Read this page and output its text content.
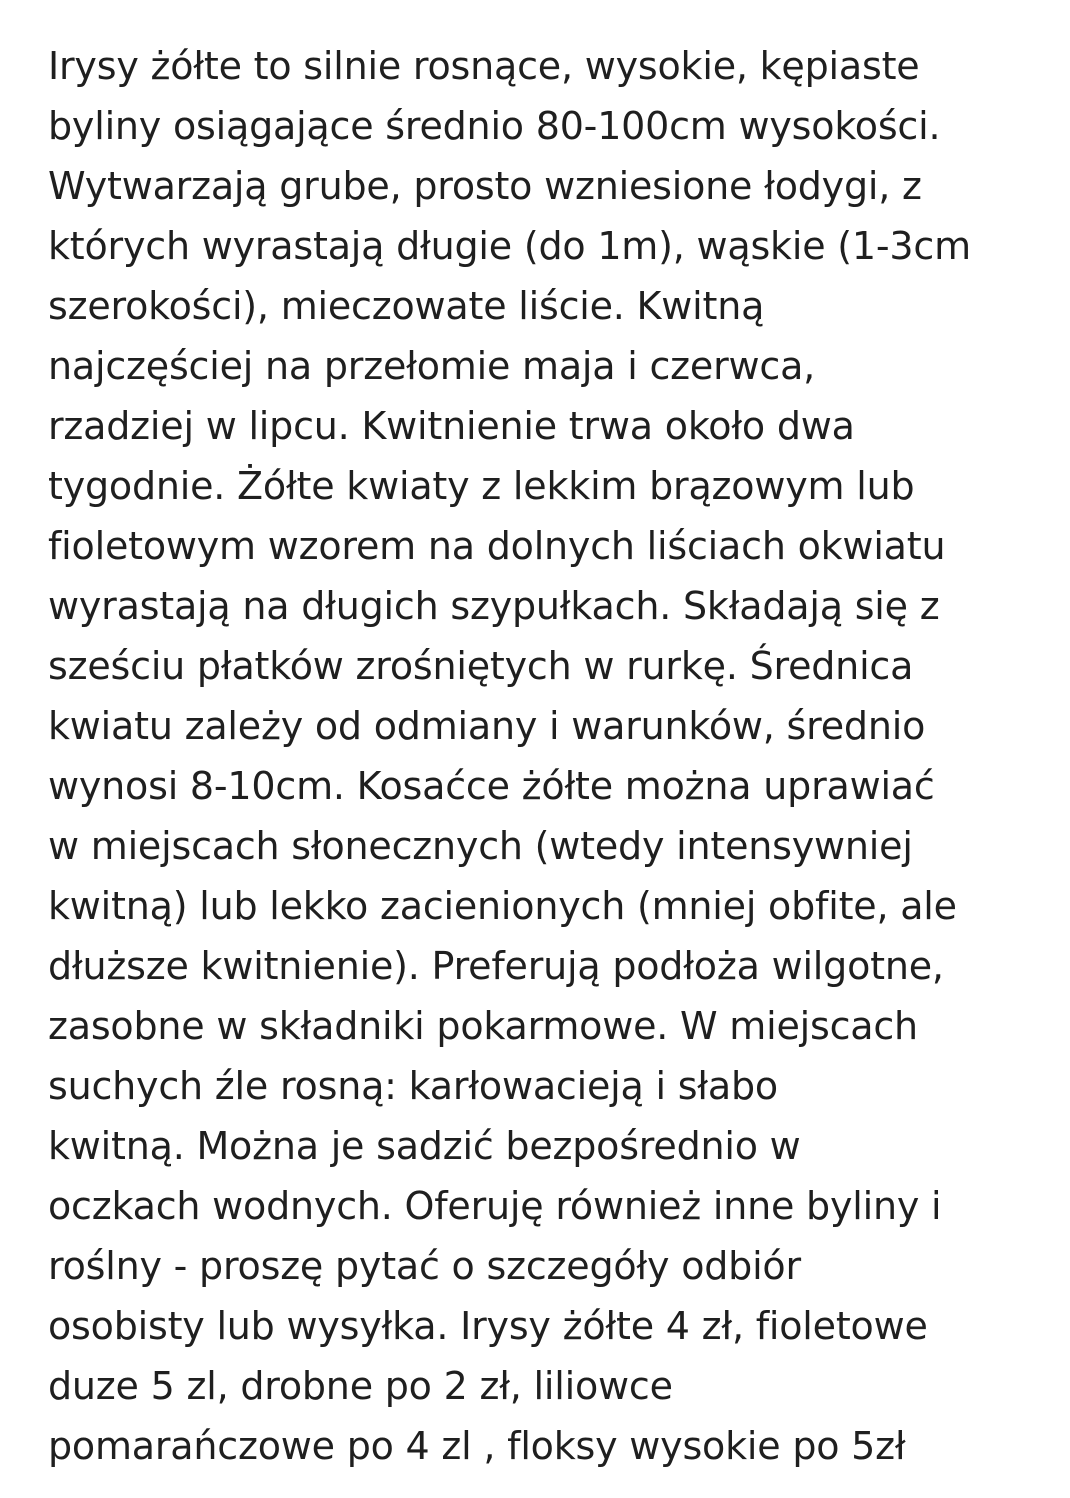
Irysy żółte to silnie rosnące, wysokie, kępiaste
byliny osiągające średnio 80-100cm wysokości.
Wytwarzają grube, prosto wzniesione łodygi, z
których wyrastają długie (do 1m), wąskie (1-3cm
szerokości), mieczowate liście. Kwitną
najczęściej na przełomie maja i czerwca,
rzadziej w lipcu. Kwitnienie trwa około dwa
tygodnie. Żółte kwiaty z lekkim brązowym lub
fioletowym wzorem na dolnych liściach okwiatu
wyrastają na długich szypułkach. Składają się z
sześciu płatków zrośniętych w rurkę. Średnica
kwiatu zależy od odmiany i warunków, średnio
wynosi 8-10cm. Kosaćce żółte można uprawiać
w miejscach słonecznych (wtedy intensywniej
kwitną) lub lekko zacienionych (mniej obfite, ale
dłuższe kwitnienie). Preferują podłoża wilgotne,
zasobne w składniki pokarmowe. W miejscach
suchych źle rosną: karłowacieją i słabo
kwitną. Można je sadzić bezpośrednio w
oczkach wodnych. Oferuję również inne byliny i
roślny - proszę pytać o szczegóły odbiór
osobisty lub wysyłka. Irysy żółte 4 zł, fioletowe
duze 5 zl, drobne po 2 zł, liliowce
pomarańczowe po 4 zl , floksy wysokie po 5zł
